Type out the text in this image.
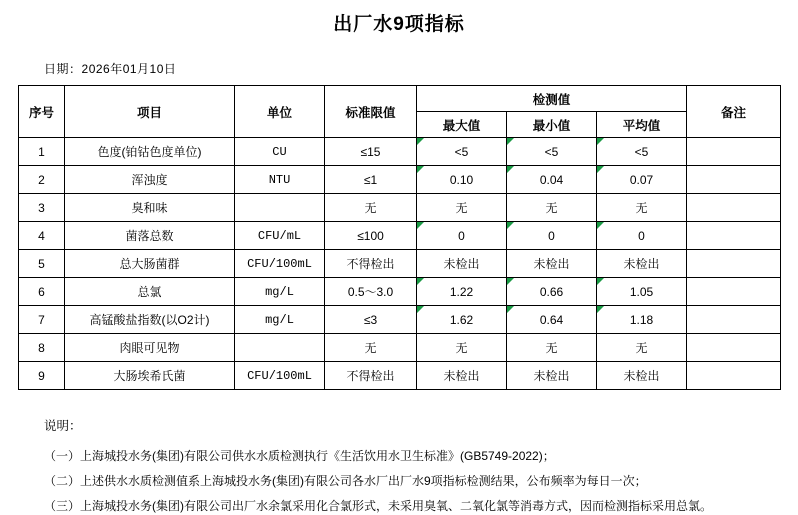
出厂水9项指标
日期：2026年01月10日
序号	项目	单位	标准限值	检测值			备注
				最大值	最小值	平均值	
1	色度(铂钴色度单位)	CU	≤15	<5	<5	<5	
2	浑浊度	NTU	≤1	0.10	0.04	0.07	
3	臭和味		无	无	无	无	
4	菌落总数	CFU/mL	≤100	0	0	0	
5	总大肠菌群	CFU/100mL	不得检出	未检出	未检出	未检出	
6	总氯	mg/L	0.5～3.0	1.22	0.66	1.05	
7	高锰酸盐指数(以O2计)	mg/L	≤3	1.62	0.64	1.18	
8	肉眼可见物		无	无	无	无	
9	大肠埃希氏菌	CFU/100mL	不得检出	未检出	未检出	未检出	
说明：
（一）上海城投水务(集团)有限公司供水水质检测执行《生活饮用水卫生标准》(GB5749-2022)；
（二）上述供水水质检测值系上海城投水务(集团)有限公司各水厂出厂水9项指标检测结果，公布频率为每日一次；
（三）上海城投水务(集团)有限公司出厂水余氯采用化合氯形式，未采用臭氧、二氧化氯等消毒方式，因而检测指标采用总氯。
